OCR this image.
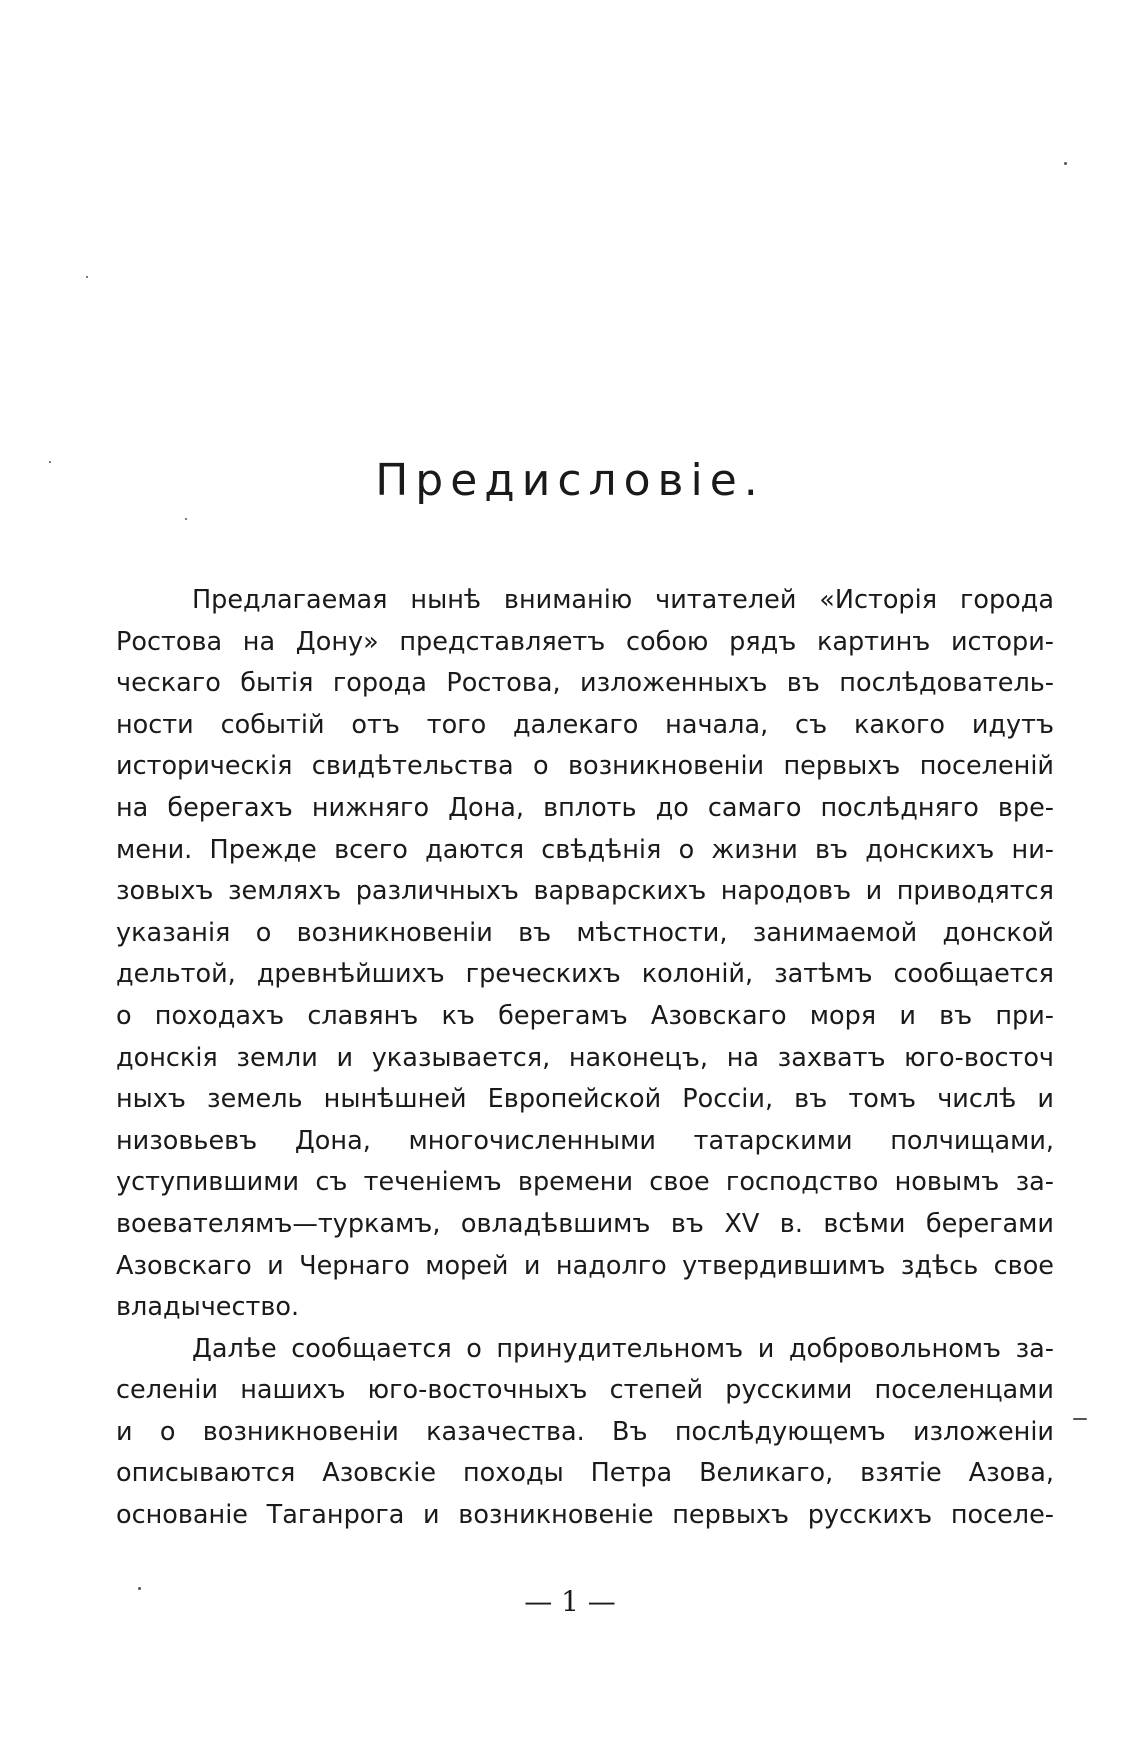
Предисловіе.
Предлагаемая нынѣ вниманію читателей «Исторія города
Ростова на Дону» представляетъ собою рядъ картинъ истори-
ческаго бытія города Ростова, изложенныхъ въ послѣдователь-
ности событій отъ того далекаго начала, съ какого идутъ
историческія свидѣтельства о возникновеніи первыхъ поселеній
на берегахъ нижняго Дона, вплоть до самаго послѣдняго вре-
мени. Прежде всего даются свѣдѣнія о жизни въ донскихъ ни-
зовыхъ земляхъ различныхъ варварскихъ народовъ и приводятся
указанія о возникновеніи въ мѣстности, занимаемой донской
дельтой, древнѣйшихъ греческихъ колоній, затѣмъ сообщается
о походахъ славянъ къ берегамъ Азовскаго моря и въ при-
донскія земли и указывается, наконецъ, на захватъ юго-восточ
ныхъ земель нынѣшней Европейской Россіи, въ томъ числѣ и
низовьевъ Дона, многочисленными татарскими полчищами,
уступившими съ теченіемъ времени свое господство новымъ за-
воевателямъ—туркамъ, овладѣвшимъ въ XV в. всѣми берегами
Азовскаго и Чернаго морей и надолго утвердившимъ здѣсь свое
владычество.
Далѣе сообщается о принудительномъ и добровольномъ за-
селеніи нашихъ юго-восточныхъ степей русскими поселенцами
и о возникновеніи казачества. Въ послѣдующемъ изложеніи
описываются Азовскіе походы Петра Великаго, взятіе Азова,
основаніе Таганрога и возникновеніе первыхъ русскихъ поселе-
— 1 —
